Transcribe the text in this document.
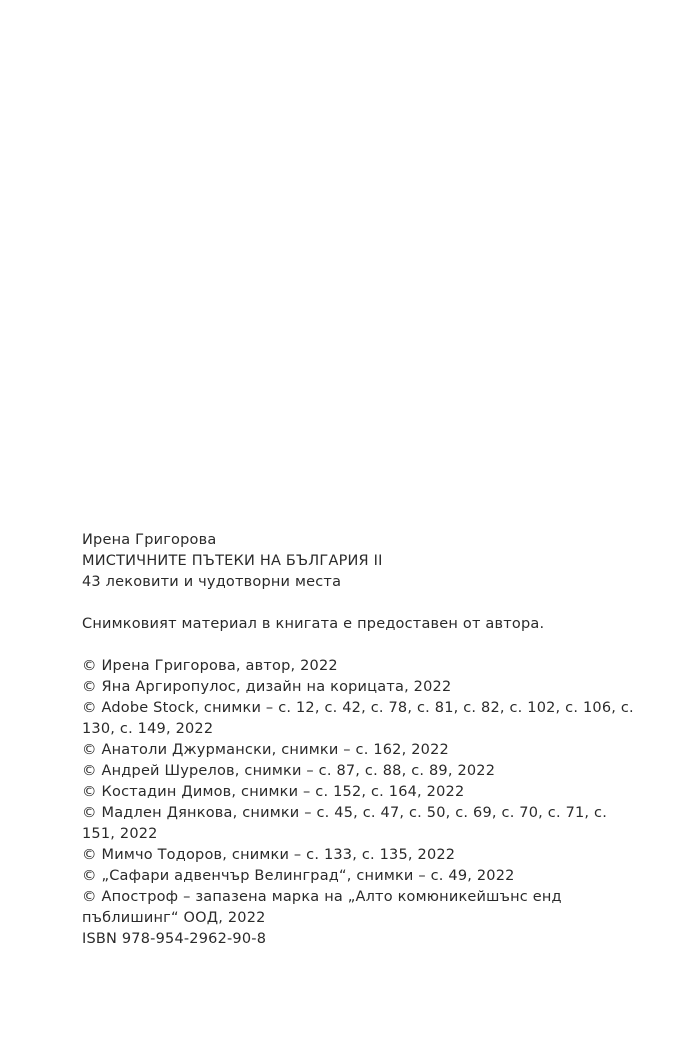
Ирена Григорова

МИСТИЧНИТЕ ПЪТЕКИ НА БЪЛГАРИЯ II

43 лековити и чудотворни места

Снимковият материал в книгата е предоставен от автора.

© Ирена Григорова, автор, 2022

© Яна Аргиропулос, дизайн на корицата, 2022

© Adobe Stock, снимки – с. 12, с. 42, с. 78, с. 81, с. 82, с. 102, с. 106, с. 130, с. 149, 2022

© Анатоли Джурмански, снимки – с. 162, 2022

© Андрей Шурелов, снимки – с. 87, с. 88, с. 89, 2022

© Костадин Димов, снимки – с. 152, с. 164, 2022

© Мадлен Дянкова, снимки – с. 45, с. 47, с. 50, с. 69, с. 70, с. 71, с. 151, 2022

© Мимчо Тодоров, снимки – с. 133, с. 135, 2022

© „Сафари адвенчър Велинград“, снимки – с. 49, 2022

© Апостроф – запазена марка на „Алто комюникейшънс енд пъблишинг“ ООД, 2022

ISBN 978-954-2962-90-8
